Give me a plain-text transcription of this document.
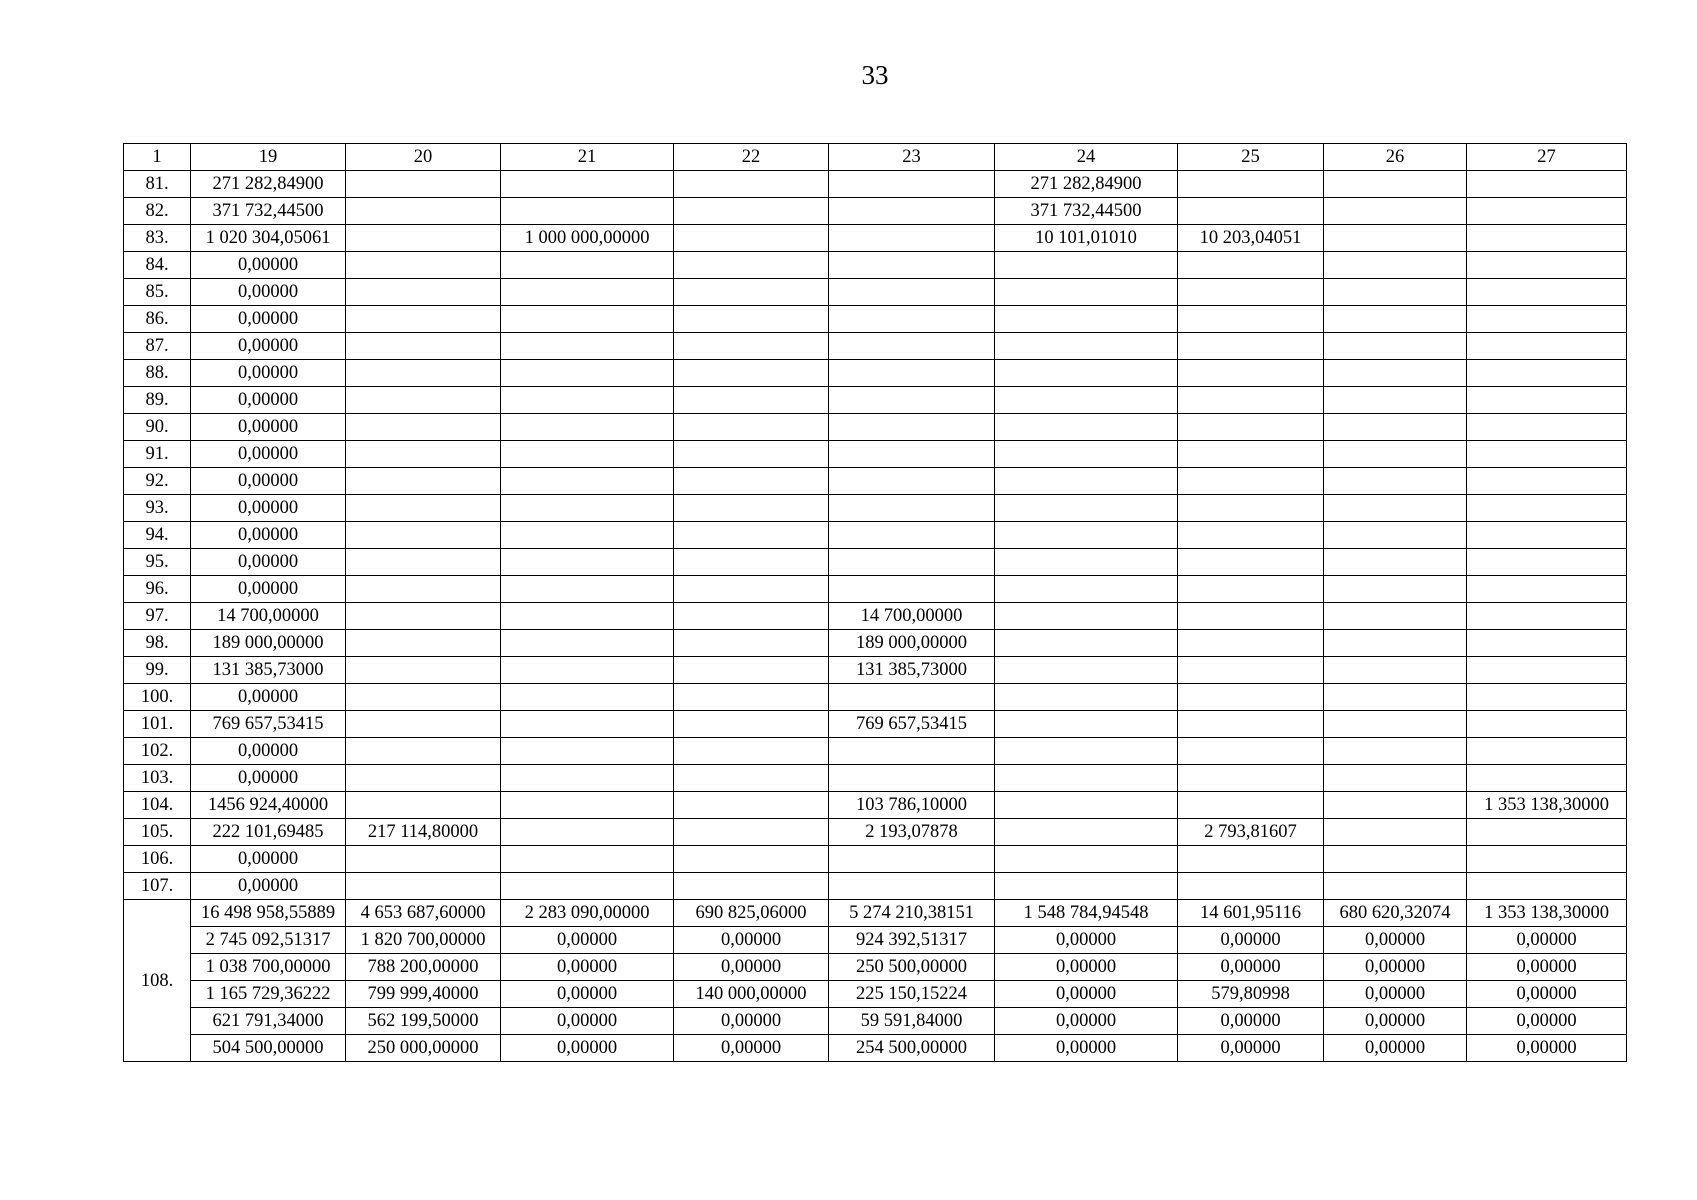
33
1	19	20	21	22	23	24	25	26	27
81.	271 282,84900					271 282,84900			
82.	371 732,44500					371 732,44500			
83.	1 020 304,05061		1 000 000,00000			10 101,01010	10 203,04051		
84.	0,00000								
85.	0,00000								
86.	0,00000								
87.	0,00000								
88.	0,00000								
89.	0,00000								
90.	0,00000								
91.	0,00000								
92.	0,00000								
93.	0,00000								
94.	0,00000								
95.	0,00000								
96.	0,00000								
97.	14 700,00000				14 700,00000				
98.	189 000,00000				189 000,00000				
99.	131 385,73000				131 385,73000				
100.	0,00000								
101.	769 657,53415				769 657,53415				
102.	0,00000								
103.	0,00000								
104.	1456 924,40000				103 786,10000				1 353 138,30000
105.	222 101,69485	217 114,80000			2 193,07878		2 793,81607		
106.	0,00000								
107.	0,00000								
108.	16 498 958,55889	4 653 687,60000	2 283 090,00000	690 825,06000	5 274 210,38151	1 548 784,94548	14 601,95116	680 620,32074	1 353 138,30000
	2 745 092,51317	1 820 700,00000	0,00000	0,00000	924 392,51317	0,00000	0,00000	0,00000	0,00000
	1 038 700,00000	788 200,00000	0,00000	0,00000	250 500,00000	0,00000	0,00000	0,00000	0,00000
	1 165 729,36222	799 999,40000	0,00000	140 000,00000	225 150,15224	0,00000	579,80998	0,00000	0,00000
	621 791,34000	562 199,50000	0,00000	0,00000	59 591,84000	0,00000	0,00000	0,00000	0,00000
	504 500,00000	250 000,00000	0,00000	0,00000	254 500,00000	0,00000	0,00000	0,00000	0,00000
